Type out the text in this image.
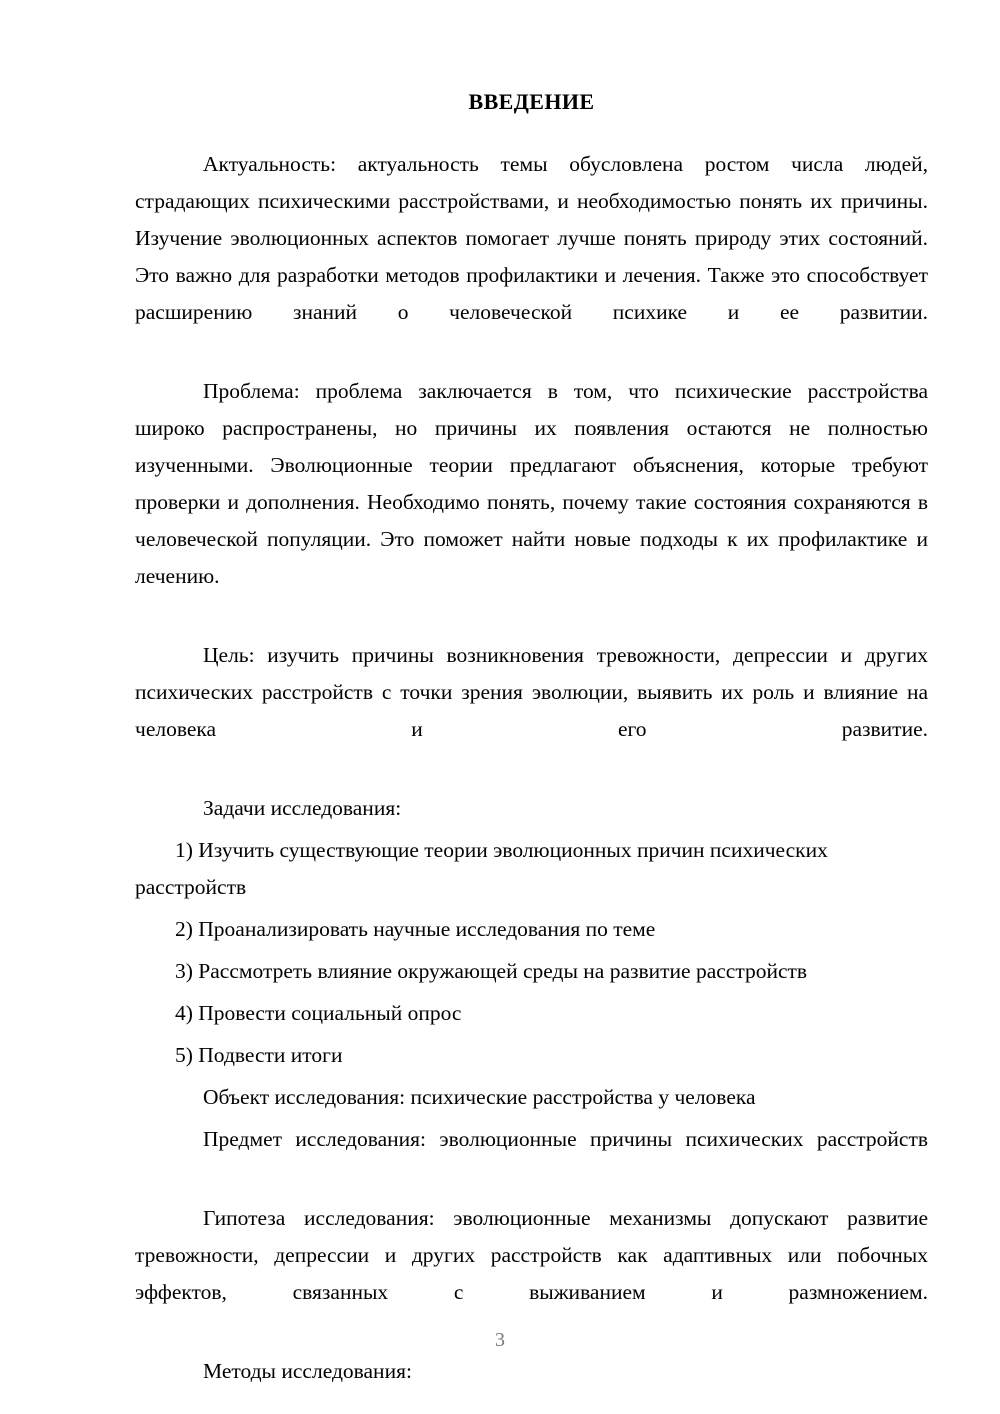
ВВЕДЕНИЕ

Актуальность: актуальность темы обусловлена ростом числа людей, страдающих психическими расстройствами, и необходимостью понять их причины. Изучение эволюционных аспектов помогает лучше понять природу этих состояний. Это важно для разработки методов профилактики и лечения. Также это способствует расширению знаний о человеческой психике и ее развитии.

Проблема: проблема заключается в том, что психические расстройства широко распространены, но причины их появления остаются не полностью изученными. Эволюционные теории предлагают объяснения, которые требуют проверки и дополнения. Необходимо понять, почему такие состояния сохраняются в человеческой популяции. Это поможет найти новые подходы к их профилактике и лечению.

Цель: изучить причины возникновения тревожности, депрессии и других психических расстройств с точки зрения эволюции, выявить их роль и влияние на человека и его развитие.

Задачи исследования:

1) Изучить существующие теории эволюционных причин психических расстройств

2) Проанализировать научные исследования по теме

3) Рассмотреть влияние окружающей среды на развитие расстройств

4) Провести социальный опрос

5) Подвести итоги

Объект исследования: психические расстройства у человека

Предмет исследования: эволюционные причины психических расстройств

Гипотеза исследования: эволюционные механизмы допускают развитие тревожности, депрессии и других расстройств как адаптивных или побочных эффектов, связанных с выживанием и размножением.

Методы исследования:

3
